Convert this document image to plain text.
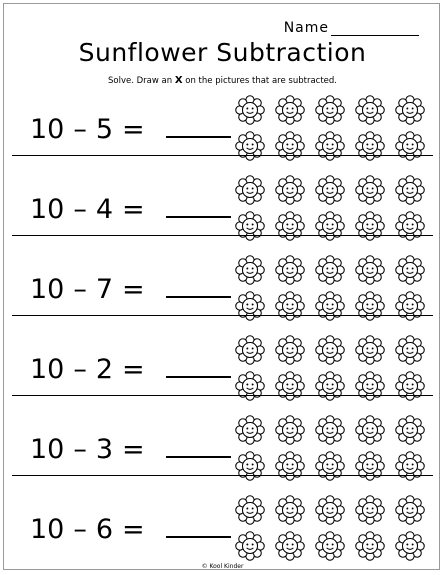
Name
Sunflower Subtraction
Solve. Draw an X on the pictures that are subtracted.
10 – 5 =
10 – 4 =
10 – 7 =
10 – 2 =
10 – 3 =
10 – 6 =
© Kool Kinder
